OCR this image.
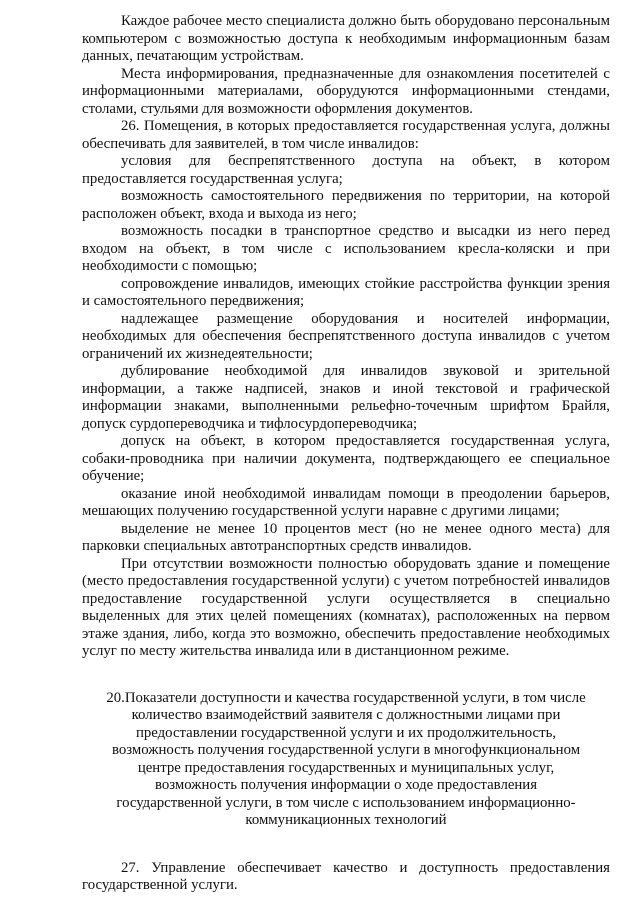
Каждое рабочее место специалиста должно быть оборудовано персональным компьютером с возможностью доступа к необходимым информационным базам данных, печатающим устройствам.

Места информирования, предназначенные для ознакомления посетителей с информационными материалами, оборудуются информационными стендами, столами, стульями для возможности оформления документов.

26. Помещения, в которых предоставляется государственная услуга, должны обеспечивать для заявителей, в том числе инвалидов:

условия для беспрепятственного доступа на объект, в котором предоставляется государственная услуга;

возможность самостоятельного передвижения по территории, на которой расположен объект, входа и выхода из него;

возможность посадки в транспортное средство и высадки из него перед входом на объект, в том числе с использованием кресла-коляски и при необходимости с помощью;

сопровождение инвалидов, имеющих стойкие расстройства функции зрения и самостоятельного передвижения;

надлежащее размещение оборудования и носителей информации, необходимых для обеспечения беспрепятственного доступа инвалидов с учетом ограничений их жизнедеятельности;

дублирование необходимой для инвалидов звуковой и зрительной информации, а также надписей, знаков и иной текстовой и графической информации знаками, выполненными рельефно-точечным шрифтом Брайля, допуск сурдопереводчика и тифлосурдопереводчика;

допуск на объект, в котором предоставляется государственная услуга, собаки-проводника при наличии документа, подтверждающего ее специальное обучение;

оказание иной необходимой инвалидам помощи в преодолении барьеров, мешающих получению государственной услуги наравне с другими лицами;

выделение не менее 10 процентов мест (но не менее одного места) для парковки специальных автотранспортных средств инвалидов.

При отсутствии возможности полностью оборудовать здание и помещение (место предоставления государственной услуги) с учетом потребностей инвалидов предоставление государственной услуги осуществляется в специально выделенных для этих целей помещениях (комнатах), расположенных на первом этаже здания, либо, когда это возможно, обеспечить предоставление необходимых услуг по месту жительства инвалида или в дистанционном режиме.

20.Показатели доступности и качества государственной услуги, в том числе количество взаимодействий заявителя с должностными лицами при предоставлении государственной услуги и их продолжительность, возможность получения государственной услуги в многофункциональном центре предоставления государственных и муниципальных услуг, возможность получения информации о ходе предоставления государственной услуги, в том числе с использованием информационно-коммуникационных технологий

27. Управление обеспечивает качество и доступность предоставления государственной услуги.
